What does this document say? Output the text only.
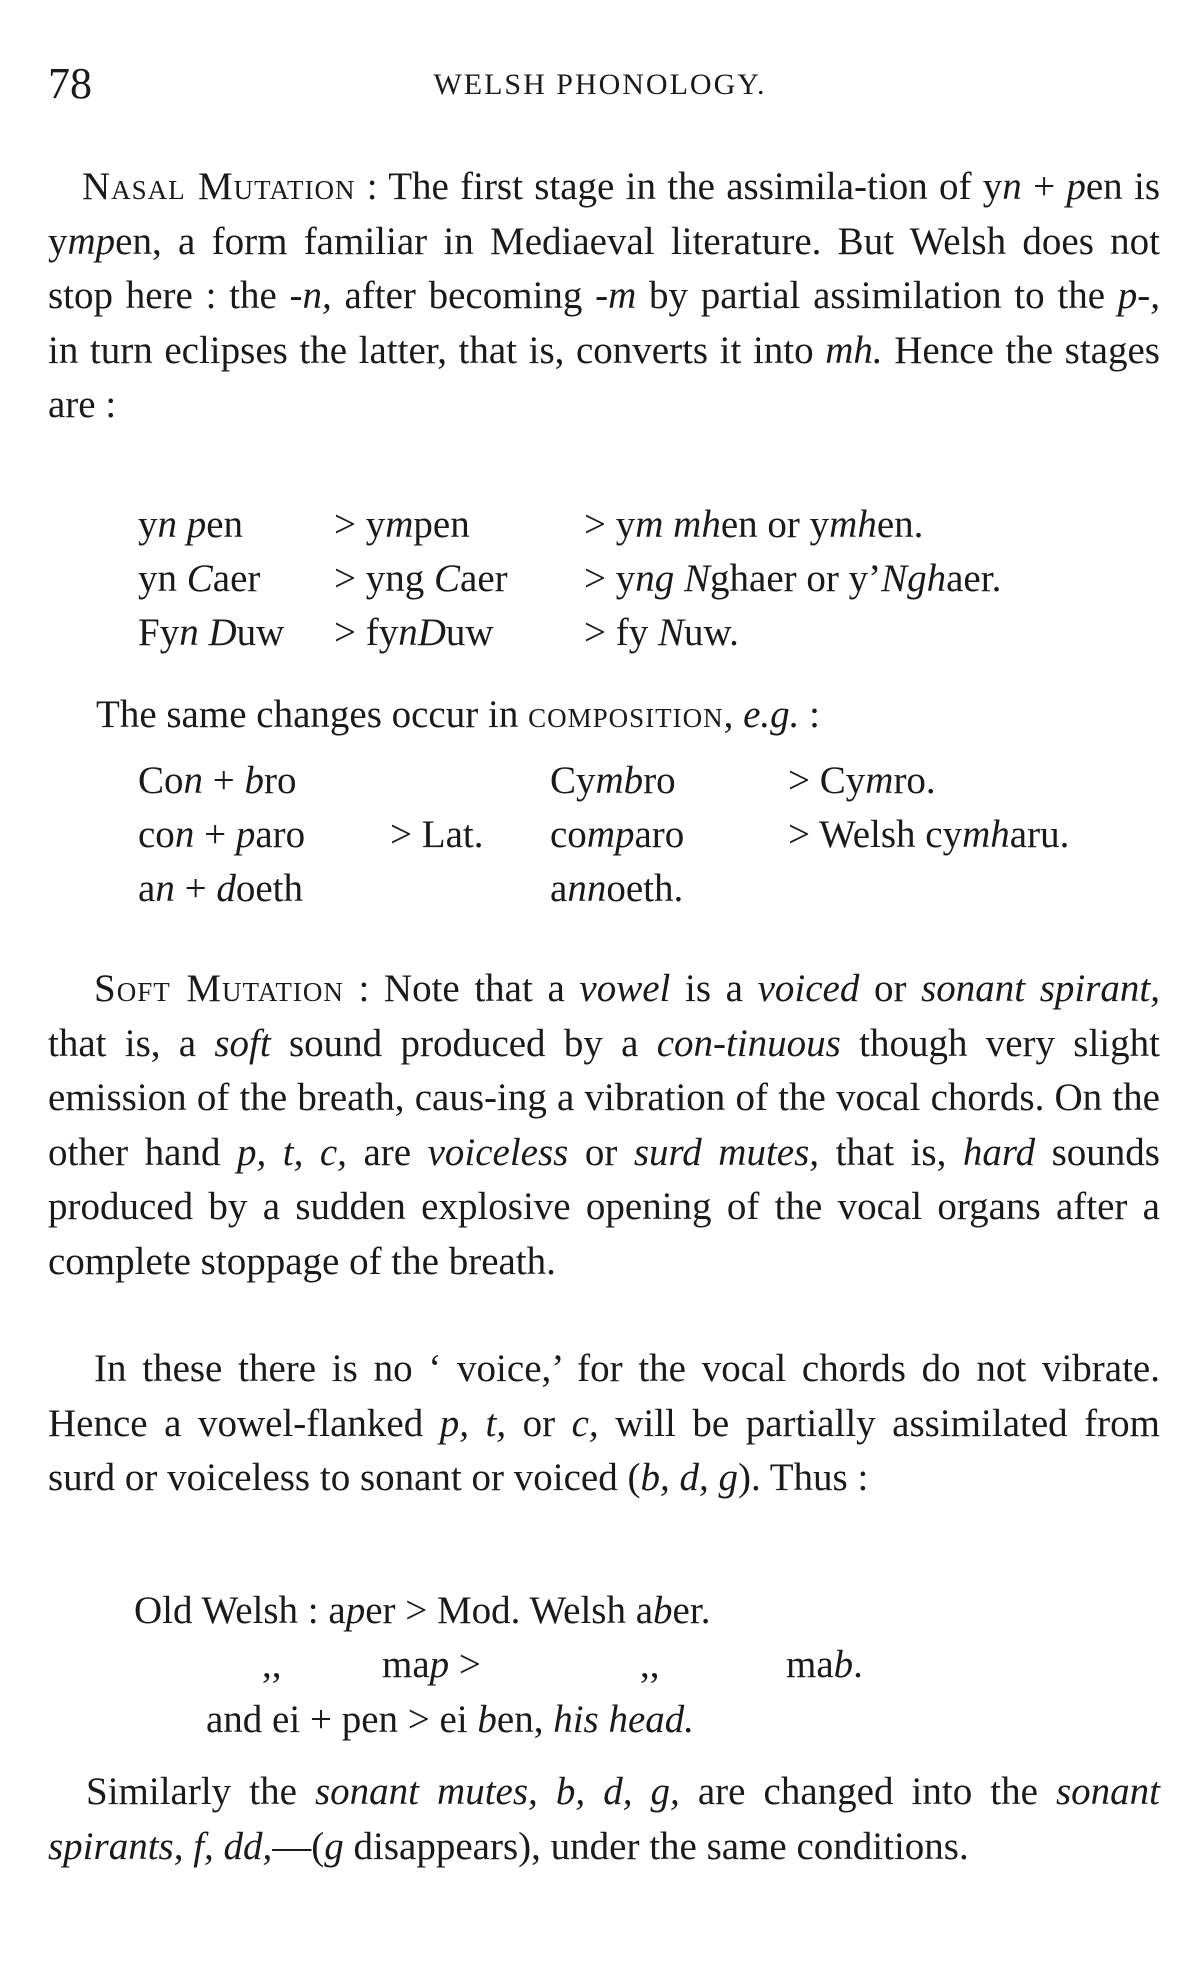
78	WELSH PHONOLOGY.
Nasal Mutation : The first stage in the assimila-tion of yn + pen is ympen, a form familiar in Mediaeval literature. But Welsh does not stop here : the -n, after becoming -m by partial assimilation to the p-, in turn eclipses the latter, that is, converts it into mh. Hence the stages are :
yn pen	> ympen	> ym mhen or ymhen.
yn Caer	> yng Caer	> yng Nghaer or y’Nghaer.
Fyn Duw	> fynDuw	> fy Nuw.
The same changes occur in composition, e.g. :
Con + bro		Cymbro	> Cymro.
con + paro	> Lat.	comparo	> Welsh cymharu.
an + doeth		annoeth.	
Soft Mutation : Note that a vowel is a voiced or sonant spirant, that is, a soft sound produced by a con-tinuous though very slight emission of the breath, caus-ing a vibration of the vocal chords. On the other hand p, t, c, are voiceless or surd mutes, that is, hard sounds produced by a sudden explosive opening of the vocal organs after a complete stoppage of the breath.
In these there is no ‘ voice,’ for the vocal chords do not vibrate. Hence a vowel-flanked p, t, or c, will be partially assimilated from surd or voiceless to sonant or voiced (b, d, g). Thus :
Old Welsh : aper > Mod. Welsh aber.
,,	map >	,,	mab.
and ei + pen > ei ben, his head.
Similarly the sonant mutes, b, d, g, are changed into the sonant spirants, f, dd,—(g disappears), under the same conditions.
